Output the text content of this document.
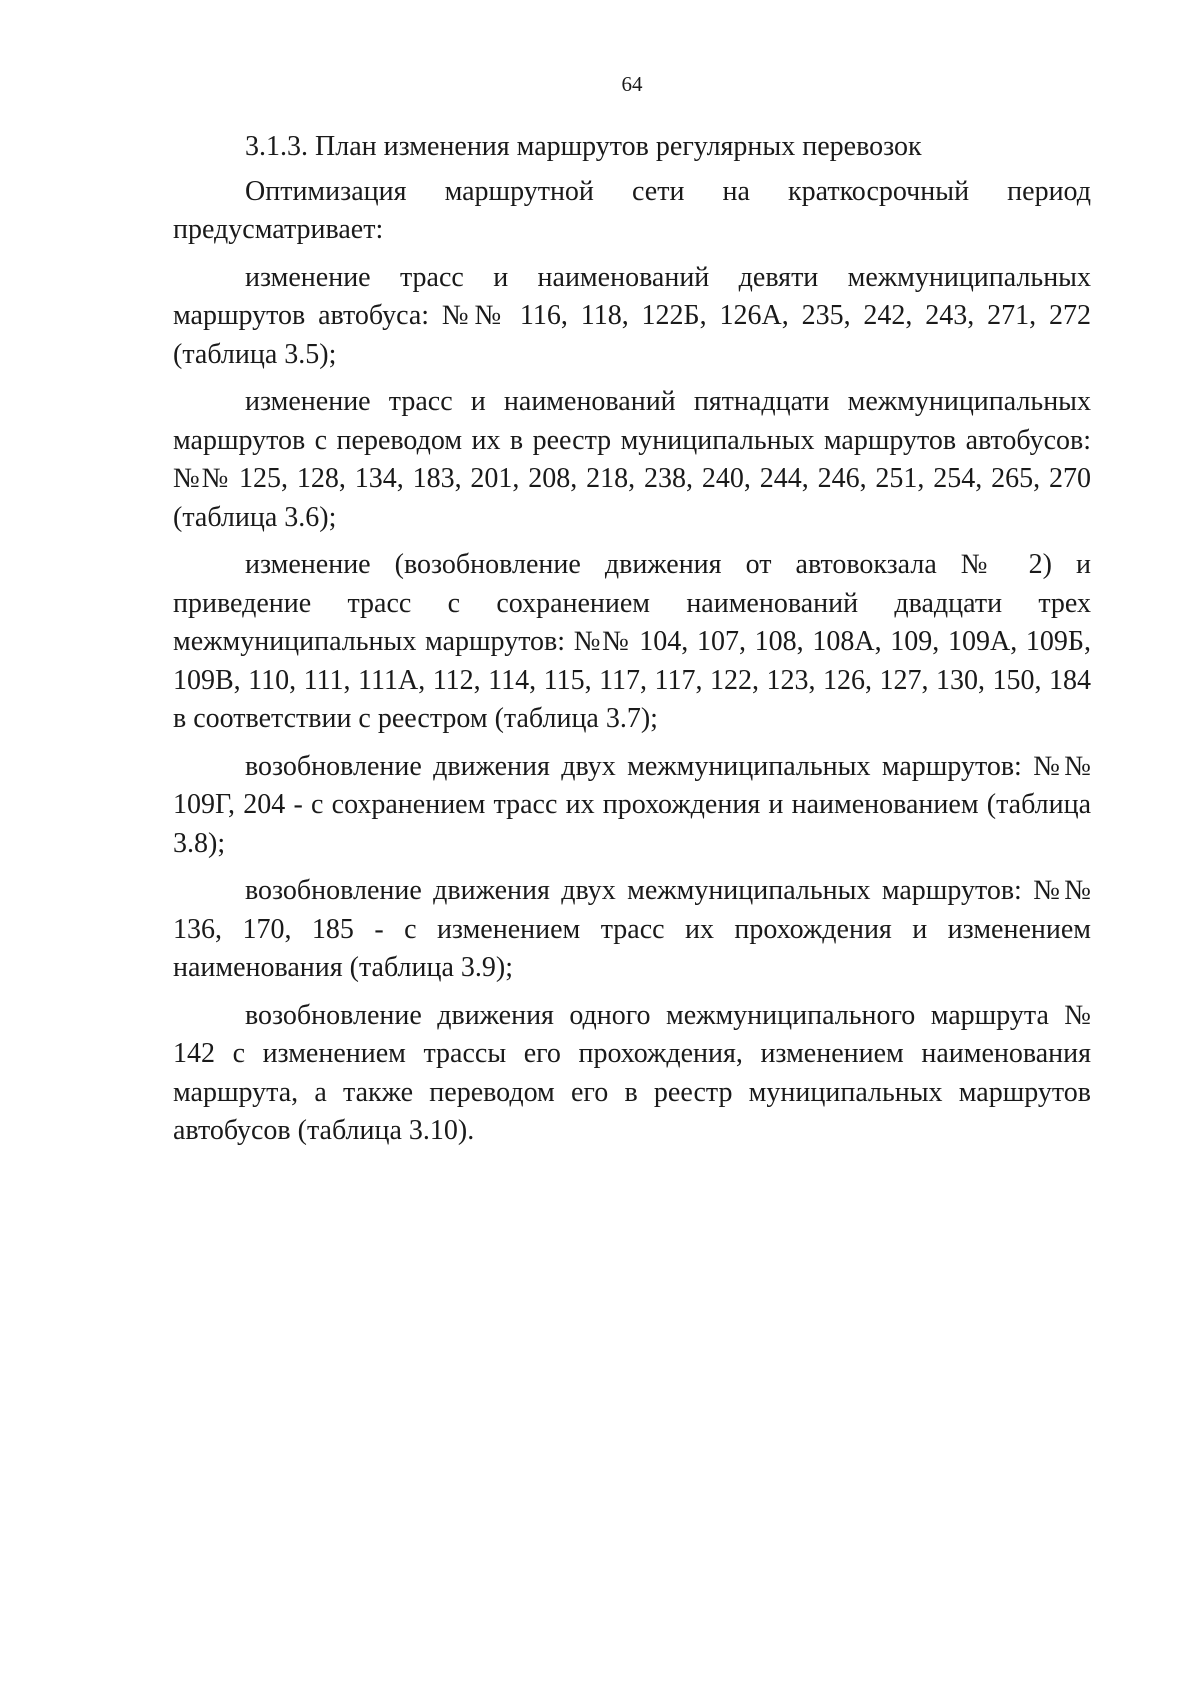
64
3.1.3. План изменения маршрутов регулярных перевозок

Оптимизация маршрутной сети на краткосрочный период предусматривает:

изменение трасс и наименований девяти межмуниципальных маршрутов автобуса: №№ 116, 118, 122Б, 126А, 235, 242, 243, 271, 272 (таблица 3.5);

изменение трасс и наименований пятнадцати межмуниципальных маршрутов с переводом их в реестр муниципальных маршрутов автобусов: №№ 125, 128, 134, 183, 201, 208, 218, 238, 240, 244, 246, 251, 254, 265, 270 (таблица 3.6);

изменение (возобновление движения от автовокзала № 2) и приведение трасс с сохранением наименований двадцати трех межмуниципальных маршрутов: №№ 104, 107, 108, 108А, 109, 109А, 109Б, 109В, 110, 111, 111А, 112, 114, 115, 117, 117, 122, 123, 126, 127, 130, 150, 184 в соответствии с реестром (таблица 3.7);

возобновление движения двух межмуниципальных маршрутов: №№ 109Г, 204 - с сохранением трасс их прохождения и наименованием (таблица 3.8);

возобновление движения двух межмуниципальных маршрутов: №№ 136, 170, 185 - с изменением трасс их прохождения и изменением наименования (таблица 3.9);

возобновление движения одного межмуниципального маршрута № 142 с изменением трассы его прохождения, изменением наименования маршрута, а также переводом его в реестр муниципальных маршрутов автобусов (таблица 3.10).
